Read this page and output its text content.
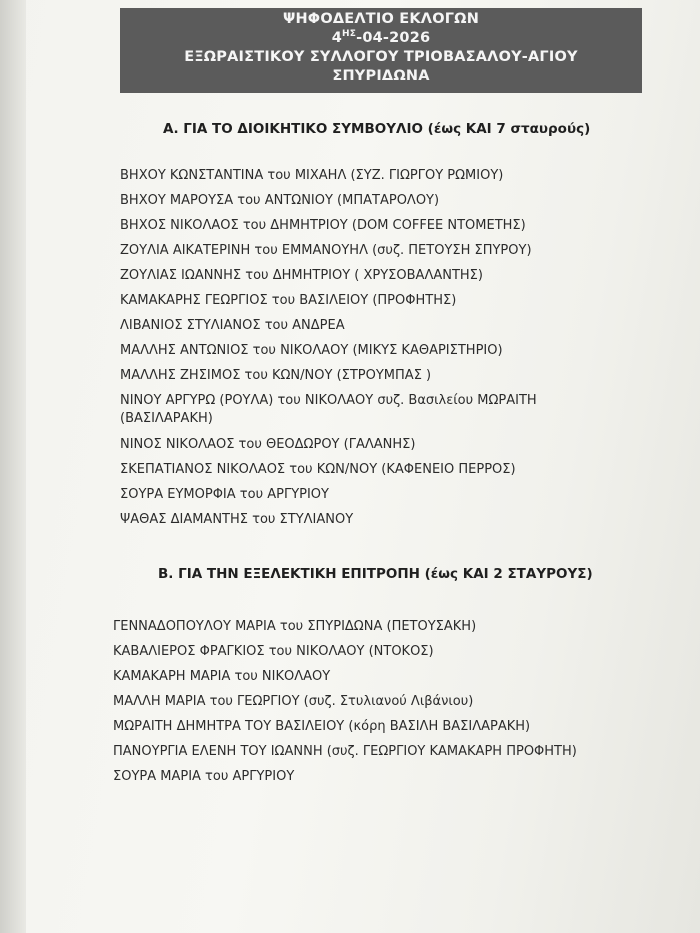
ΨΗΦΟΔΕΛΤΙΟ ΕΚΛΟΓΩΝ
$4^{H\Sigma}-04-2026$
ΕΞΩΡΑΙΣΤΙΚΟΥ ΣΥΛΛΟΓΟΥ ΤΡΙΟΒΑΣΑΛΟΥ-ΑΓΙΟΥ
ΣΠΥΡΙΔΩΝΑ
Α. ΓΙΑ ΤΟ ΔΙΟΙΚΗΤΙΚΟ ΣΥΜΒΟΥΛΙΟ (έως ΚΑΙ 7 σταυρούς)
ΒΗΧΟΥ ΚΩΝΣΤΑΝΤΙΝΑ του ΜΙΧΑΗΛ (ΣΥΖ. ΓΙΩΡΓΟΥ ΡΩΜΙΟΥ)
ΒΗΧΟΥ ΜΑΡΟΥΣΑ του ΑΝΤΩΝΙΟΥ (ΜΠΑΤΑΡΟΛΟΥ)
ΒΗΧΟΣ ΝΙΚΟΛΑΟΣ του ΔΗΜΗΤΡΙΟΥ (DOM COFFEE ΝΤΟΜΕΤΗΣ)
ΖΟΥΛΙΑ ΑΙΚΑΤΕΡΙΝΗ του ΕΜΜΑΝΟΥΗΛ (συζ. ΠΕΤΟΥΣΗ ΣΠΥΡΟΥ)
ΖΟΥΛΙΑΣ ΙΩΑΝΝΗΣ του ΔΗΜΗΤΡΙΟΥ ( ΧΡΥΣΟΒΑΛΑΝΤΗΣ)
ΚΑΜΑΚΑΡΗΣ ΓΕΩΡΓΙΟΣ του ΒΑΣΙΛΕΙΟΥ (ΠΡΟΦΗΤΗΣ)
ΛΙΒΑΝΙΟΣ ΣΤΥΛΙΑΝΟΣ του ΑΝΔΡΕΑ
ΜΑΛΛΗΣ ΑΝΤΩΝΙΟΣ του ΝΙΚΟΛΑΟΥ (ΜΙΚΥΣ ΚΑΘΑΡΙΣΤΗΡΙΟ)
ΜΑΛΛΗΣ ΖΗΣΙΜΟΣ του ΚΩΝ/ΝΟΥ (ΣΤΡΟΥΜΠΑΣ )
ΝΙΝΟΥ ΑΡΓΥΡΩ (ΡΟΥΛΑ) του ΝΙΚΟΛΑΟΥ συζ. Βασιλείου ΜΩΡΑΙΤΗ (ΒΑΣΙΛΑΡΑΚΗ)
ΝΙΝΟΣ ΝΙΚΟΛΑΟΣ του ΘΕΟΔΩΡΟΥ (ΓΑΛΑΝΗΣ)
ΣΚΕΠΑΤΙΑΝΟΣ ΝΙΚΟΛΑΟΣ του ΚΩΝ/ΝΟΥ (ΚΑΦΕΝΕΙΟ ΠΕΡΡΟΣ)
ΣΟΥΡΑ ΕΥΜΟΡΦΙΑ του ΑΡΓΥΡΙΟΥ
ΨΑΘΑΣ ΔΙΑΜΑΝΤΗΣ του ΣΤΥΛΙΑΝΟΥ
Β. ΓΙΑ ΤΗΝ ΕΞΕΛΕΚΤΙΚΗ ΕΠΙΤΡΟΠΗ (έως ΚΑΙ 2 ΣΤΑΥΡΟΥΣ)
ΓΕΝΝΑΔΟΠΟΥΛΟΥ ΜΑΡΙΑ του ΣΠΥΡΙΔΩΝΑ (ΠΕΤΟΥΣΑΚΗ)
ΚΑΒΑΛΙΕΡΟΣ ΦΡΑΓΚΙΟΣ του ΝΙΚΟΛΑΟΥ (ΝΤΟΚΟΣ)
ΚΑΜΑΚΑΡΗ ΜΑΡΙΑ του ΝΙΚΟΛΑΟΥ
ΜΑΛΛΗ ΜΑΡΙΑ του ΓΕΩΡΓΙΟΥ (συζ. Στυλιανού Λιβάνιου)
ΜΩΡΑΙΤΗ ΔΗΜΗΤΡΑ ΤΟΥ ΒΑΣΙΛΕΙΟΥ (κόρη ΒΑΣΙΛΗ ΒΑΣΙΛΑΡΑΚΗ)
ΠΑΝΟΥΡΓΙΑ ΕΛΕΝΗ ΤΟΥ ΙΩΑΝΝΗ (συζ. ΓΕΩΡΓΙΟΥ ΚΑΜΑΚΑΡΗ ΠΡΟΦΗΤΗ)
ΣΟΥΡΑ ΜΑΡΙΑ του ΑΡΓΥΡΙΟΥ
